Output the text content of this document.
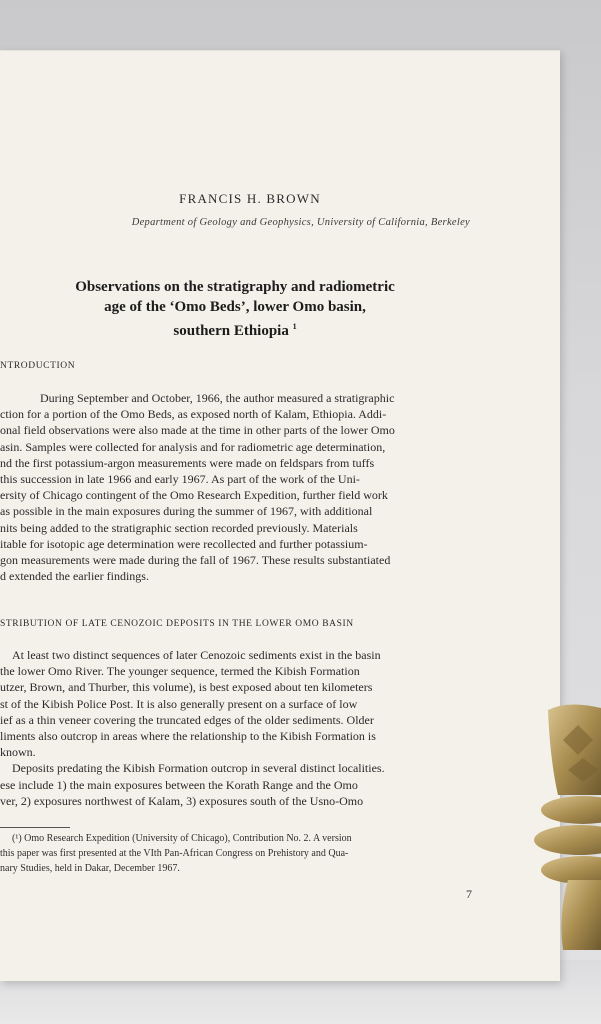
FRANCIS H. BROWN
Department of Geology and Geophysics, University of California, Berkeley
Observations on the stratigraphy and radiometric
age of the ‘Omo Beds’, lower Omo basin,
southern Ethiopia $^1$
NTRODUCTION
During September and October, 1966, the author measured a stratigraphic
ction for a portion of the Omo Beds, as exposed north of Kalam, Ethiopia. Addi-
onal field observations were also made at the time in other parts of the lower Omo
asin. Samples were collected for analysis and for radiometric age determination,
nd the first potassium-argon measurements were made on feldspars from tuffs
this succession in late 1966 and early 1967. As part of the work of the Uni-
ersity of Chicago contingent of the Omo Research Expedition, further field work
as possible in the main exposures during the summer of 1967, with additional
nits being added to the stratigraphic section recorded previously. Materials
itable for isotopic age determination were recollected and further potassium-
gon measurements were made during the fall of 1967. These results substantiated
d extended the earlier findings.
STRIBUTION OF LATE CENOZOIC DEPOSITS IN THE LOWER OMO BASIN
At least two distinct sequences of later Cenozoic sediments exist in the basin
the lower Omo River. The younger sequence, termed the Kibish Formation
utzer, Brown, and Thurber, this volume), is best exposed about ten kilometers
st of the Kibish Police Post. It is also generally present on a surface of low
ief as a thin veneer covering the truncated edges of the older sediments. Older
liments also outcrop in areas where the relationship to the Kibish Formation is
known.
Deposits predating the Kibish Formation outcrop in several distinct localities.
ese include 1) the main exposures between the Korath Range and the Omo
ver, 2) exposures northwest of Kalam, 3) exposures south of the Usno-Omo
(¹) Omo Research Expedition (University of Chicago), Contribution No. 2. A version
this paper was first presented at the VIth Pan-African Congress on Prehistory and Qua-
nary Studies, held in Dakar, December 1967.
7
